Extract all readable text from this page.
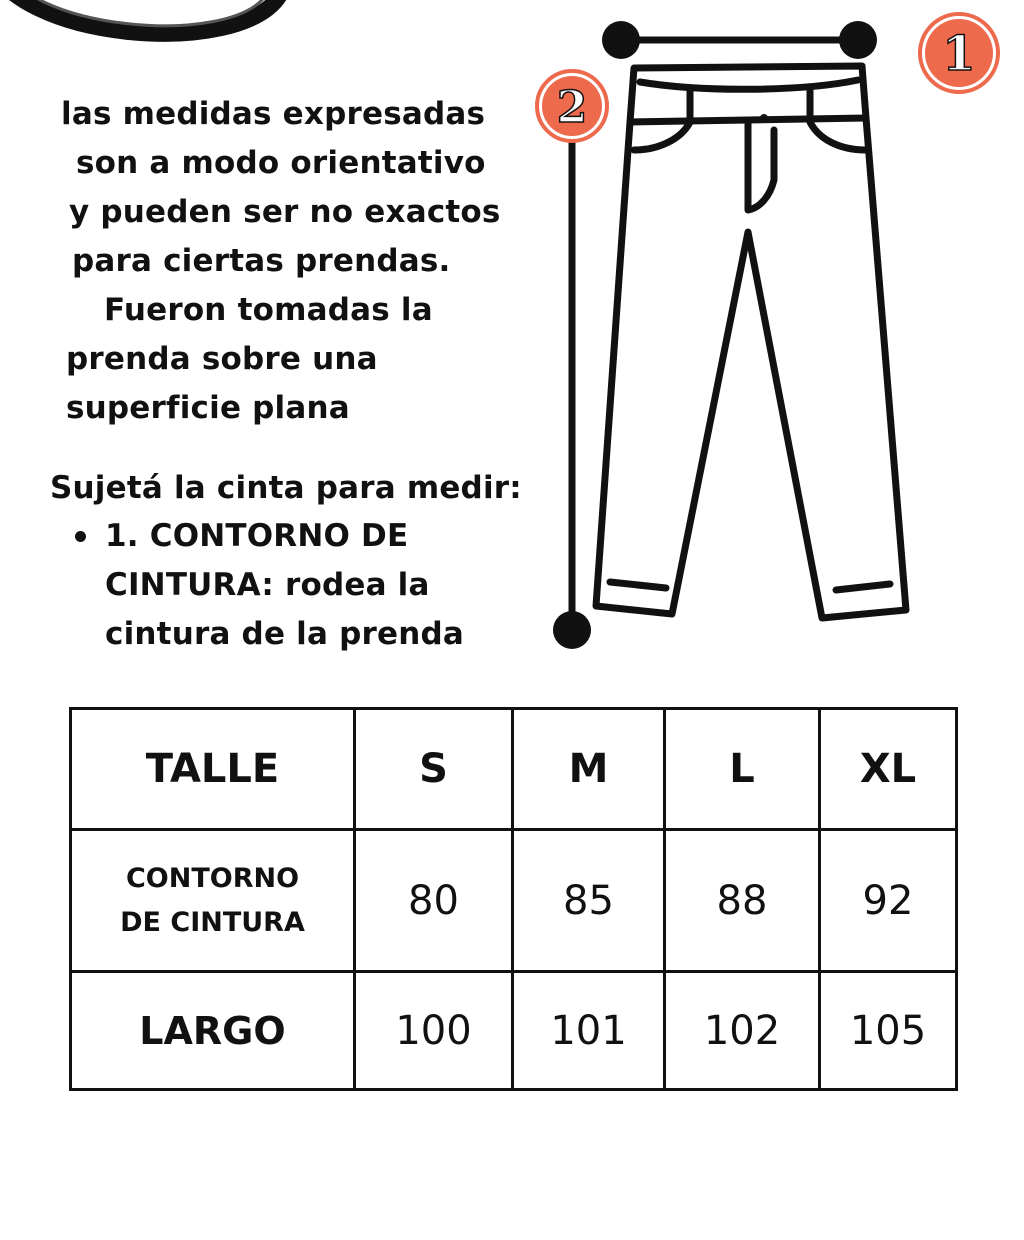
las medidas expresadas
son a modo orientativo
y pueden ser no exactos
para ciertas prendas.
Fueron tomadas la
prenda sobre una
superficie plana
Sujetá la cinta para medir:
1. CONTORNO DE
CINTURA: rodea la
cintura de la prenda
1
2
TALLE	S	M	L	XL
CONTORNO
DE CINTURA	80	85	88	92
LARGO	100	101	102	105
